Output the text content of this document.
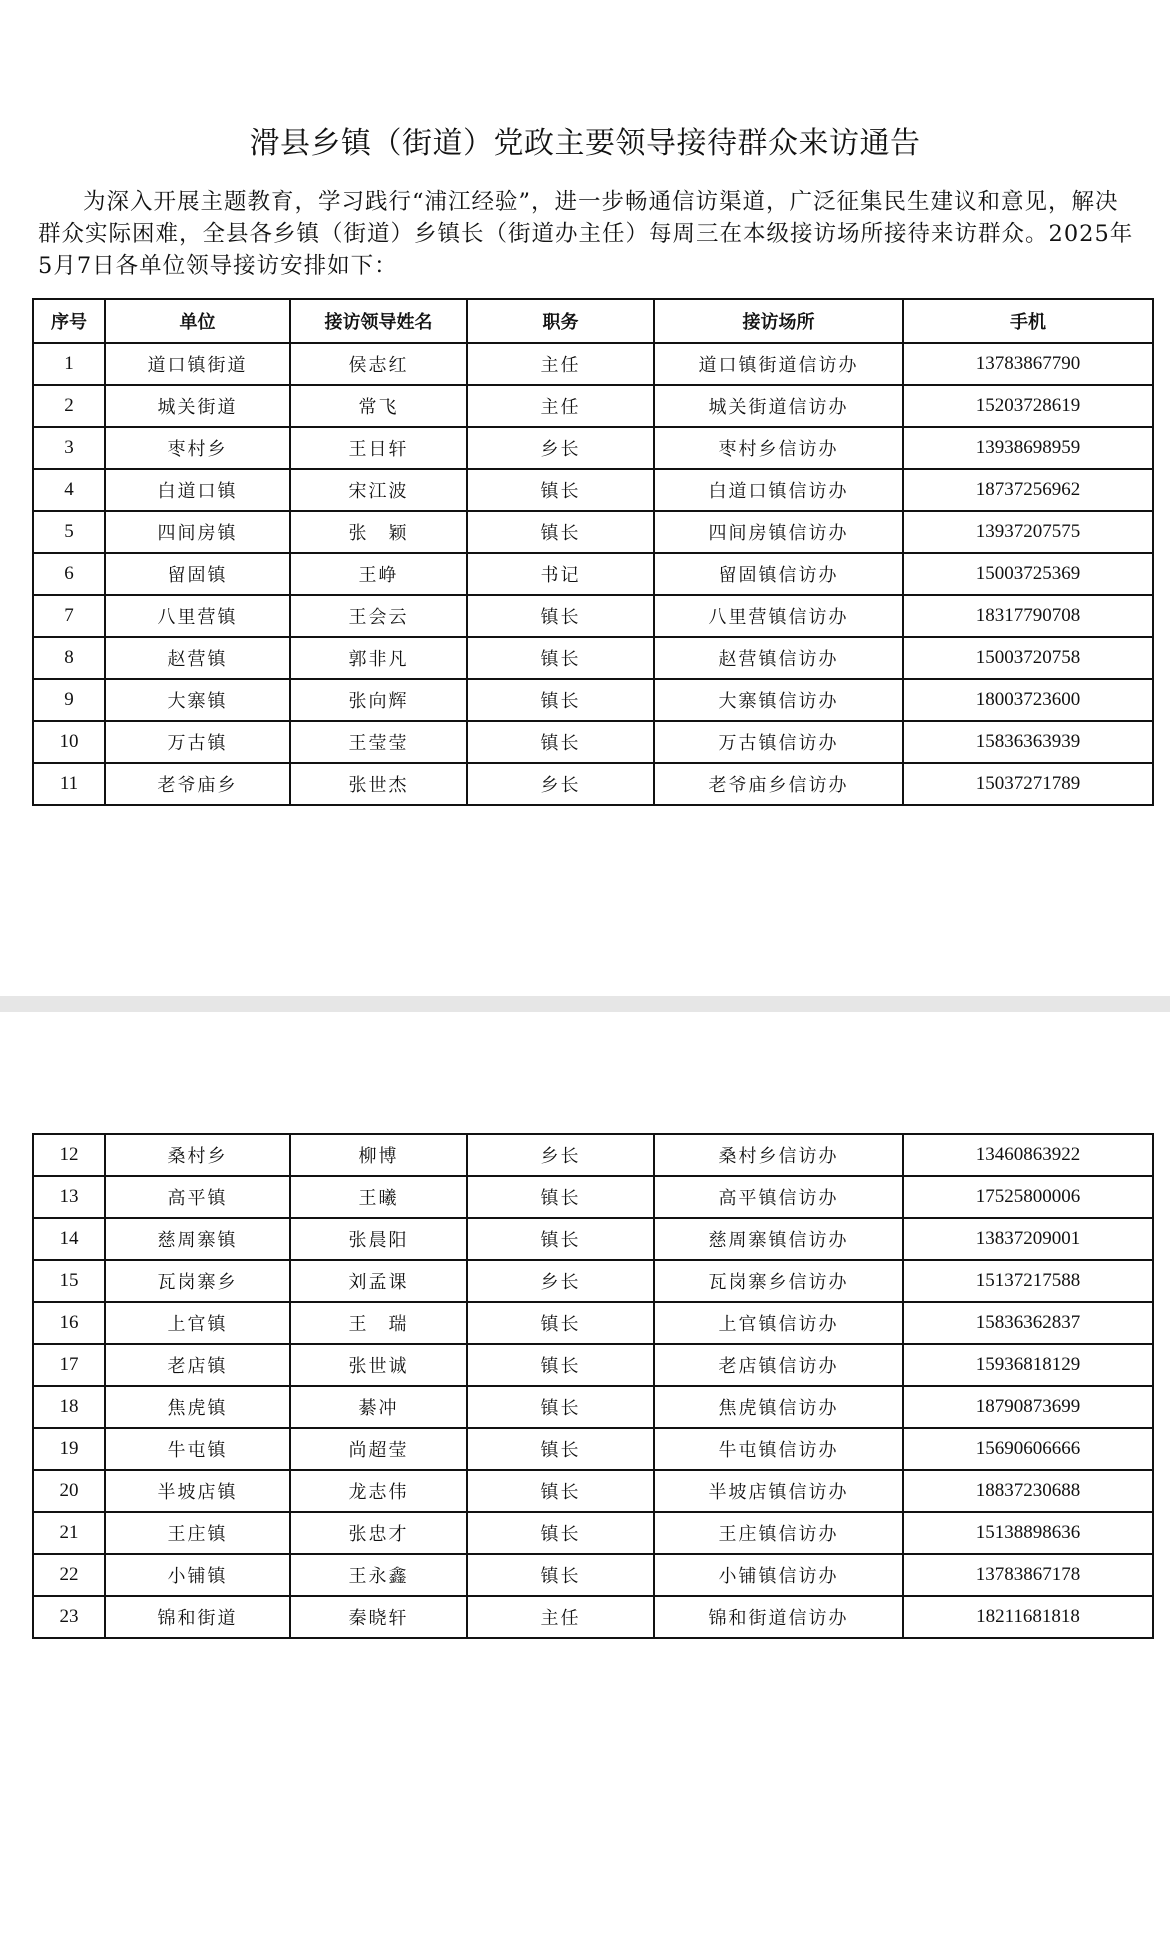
滑县乡镇（街道）党政主要领导接待群众来访通告
为深入开展主题教育，学习践行“浦江经验”，进一步畅通信访渠道，广泛征集民生建议和意见，解决群众实际困难，全县各乡镇（街道）乡镇长（街道办主任）每周三在本级接访场所接待来访群众。2025年5月7日各单位领导接访安排如下：
序号	单位	接访领导姓名	职务	接访场所	手机
1	道口镇街道	侯志红	主任	道口镇街道信访办	13783867790
2	城关街道	常飞	主任	城关街道信访办	15203728619
3	枣村乡	王日轩	乡长	枣村乡信访办	13938698959
4	白道口镇	宋江波	镇长	白道口镇信访办	18737256962
5	四间房镇	张　颖	镇长	四间房镇信访办	13937207575
6	留固镇	王峥	书记	留固镇信访办	15003725369
7	八里营镇	王会云	镇长	八里营镇信访办	18317790708
8	赵营镇	郭非凡	镇长	赵营镇信访办	15003720758
9	大寨镇	张向辉	镇长	大寨镇信访办	18003723600
10	万古镇	王莹莹	镇长	万古镇信访办	15836363939
11	老爷庙乡	张世杰	乡长	老爷庙乡信访办	15037271789
12	桑村乡	柳博	乡长	桑村乡信访办	13460863922
13	高平镇	王曦	镇长	高平镇信访办	17525800006
14	慈周寨镇	张晨阳	镇长	慈周寨镇信访办	13837209001
15	瓦岗寨乡	刘孟课	乡长	瓦岗寨乡信访办	15137217588
16	上官镇	王　瑞	镇长	上官镇信访办	15836362837
17	老店镇	张世诚	镇长	老店镇信访办	15936818129
18	焦虎镇	綦冲	镇长	焦虎镇信访办	18790873699
19	牛屯镇	尚超莹	镇长	牛屯镇信访办	15690606666
20	半坡店镇	龙志伟	镇长	半坡店镇信访办	18837230688
21	王庄镇	张忠才	镇长	王庄镇信访办	15138898636
22	小铺镇	王永鑫	镇长	小铺镇信访办	13783867178
23	锦和街道	秦晓轩	主任	锦和街道信访办	18211681818
